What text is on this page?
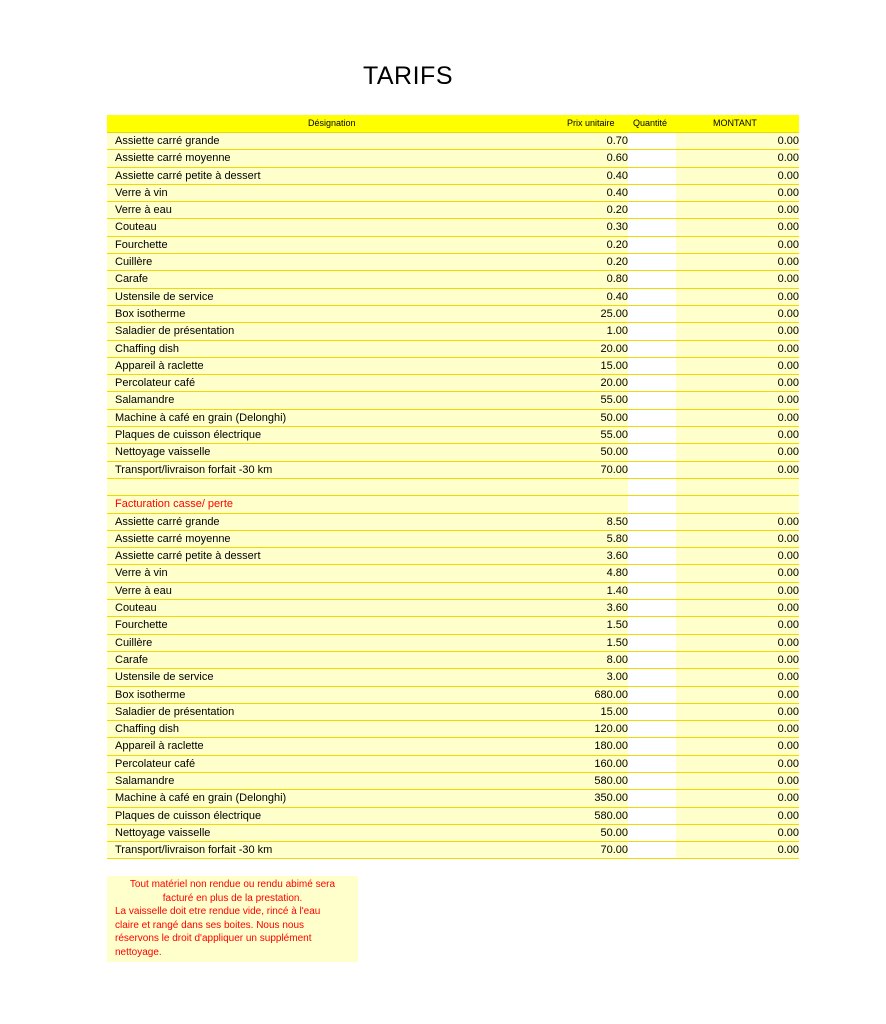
TARIFS
Désignation	Prix unitaire Quantité	MONTANT
Assiette carré grande	0.70	0.00
Assiette carré moyenne	0.60	0.00
Assiette carré petite à dessert	0.40	0.00
Verre à vin	0.40	0.00
Verre à eau	0.20	0.00
Couteau	0.30	0.00
Fourchette	0.20	0.00
Cuillère	0.20	0.00
Carafe	0.80	0.00
Ustensile de service	0.40	0.00
Box isotherme	25.00	0.00
Saladier de présentation	1.00	0.00
Chaffing dish	20.00	0.00
Appareil à raclette	15.00	0.00
Percolateur café	20.00	0.00
Salamandre	55.00	0.00
Machine à café en grain (Delonghi)	50.00	0.00
Plaques de cuisson électrique	55.00	0.00
Nettoyage vaisselle	50.00	0.00
Transport/livraison forfait -30 km	70.00	0.00
Facturation casse/ perte
Assiette carré grande	8.50	0.00
Assiette carré moyenne	5.80	0.00
Assiette carré petite à dessert	3.60	0.00
Verre à vin	4.80	0.00
Verre à eau	1.40	0.00
Couteau	3.60	0.00
Fourchette	1.50	0.00
Cuillère	1.50	0.00
Carafe	8.00	0.00
Ustensile de service	3.00	0.00
Box isotherme	680.00	0.00
Saladier de présentation	15.00	0.00
Chaffing dish	120.00	0.00
Appareil à raclette	180.00	0.00
Percolateur café	160.00	0.00
Salamandre	580.00	0.00
Machine à café en grain (Delonghi)	350.00	0.00
Plaques de cuisson électrique	580.00	0.00
Nettoyage vaisselle	50.00	0.00
Transport/livraison forfait -30 km	70.00	0.00
Tout matériel non rendue ou rendu abimé sera
facturé en plus de la prestation.
La vaisselle doit etre rendue vide, rincé à l'eau
claire et rangé dans ses boites. Nous nous
réservons le droit d'appliquer un supplément
nettoyage.
